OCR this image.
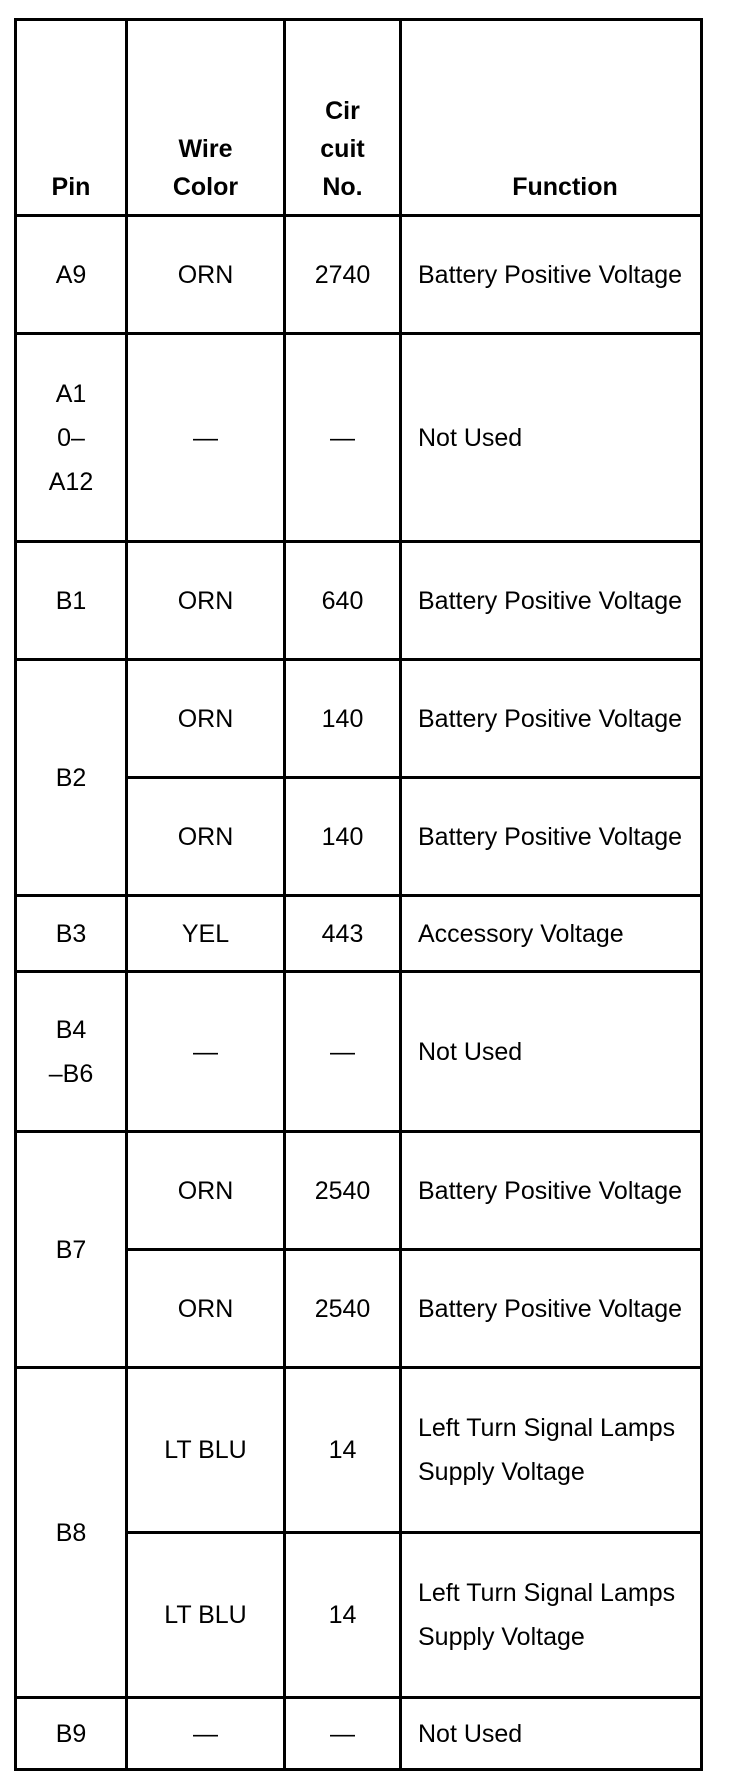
Pin	Wire Color	Cir cuit No.	Function
A9	ORN	2740	Battery Positive Voltage
A1 0– A12	—	—	Not Used
B1	ORN	640	Battery Positive Voltage
B2	ORN	140	Battery Positive Voltage
	ORN	140	Battery Positive Voltage
B3	YEL	443	Accessory Voltage
B4 –B6	—	—	Not Used
B7	ORN	2540	Battery Positive Voltage
	ORN	2540	Battery Positive Voltage
B8	LT BLU	14	Left Turn Signal Lamps Supply Voltage
	LT BLU	14	Left Turn Signal Lamps Supply Voltage
B9	—	—	Not Used
